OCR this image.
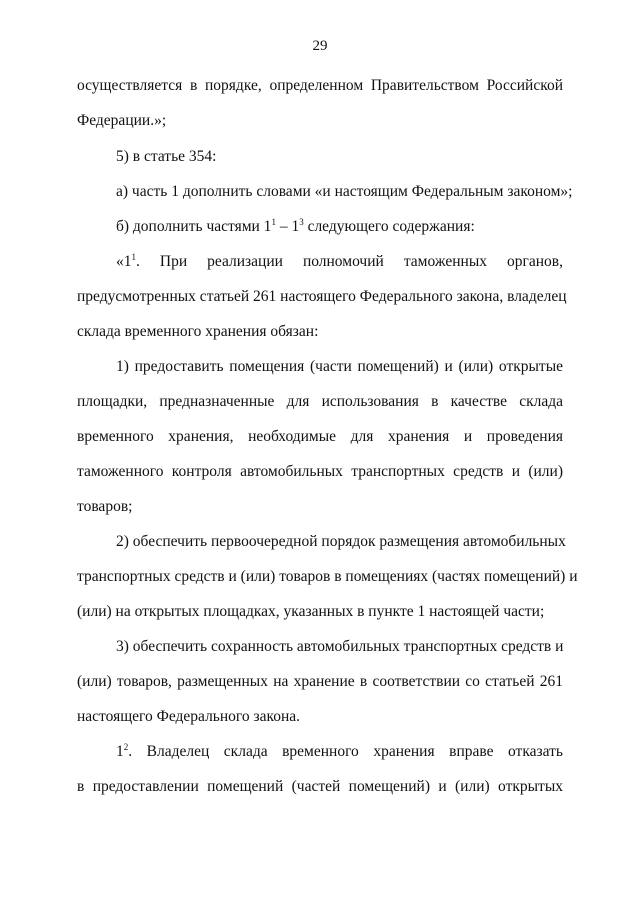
29
осуществляется в порядке, определенном Правительством Российской
Федерации.»;
5) в статье 354:
а) часть 1 дополнить словами «и настоящим Федеральным законом»;
б) дополнить частями $1^1 - 1^3$ следующего содержания:
«$1^1$. При реализации полномочий таможенных органов,
предусмотренных статьей 261 настоящего Федерального закона, владелец
склада временного хранения обязан:
1) предоставить помещения (части помещений) и (или) открытые
площадки, предназначенные для использования в качестве склада
временного хранения, необходимые для хранения и проведения
таможенного контроля автомобильных транспортных средств и (или)
товаров;
2) обеспечить первоочередной порядок размещения автомобильных
транспортных средств и (или) товаров в помещениях (частях помещений) и
(или) на открытых площадках, указанных в пункте 1 настоящей части;
3) обеспечить сохранность автомобильных транспортных средств и
(или) товаров, размещенных на хранение в соответствии со статьей 261
настоящего Федерального закона.
$1^2$. Владелец склада временного хранения вправе отказать
в предоставлении помещений (частей помещений) и (или) открытых
